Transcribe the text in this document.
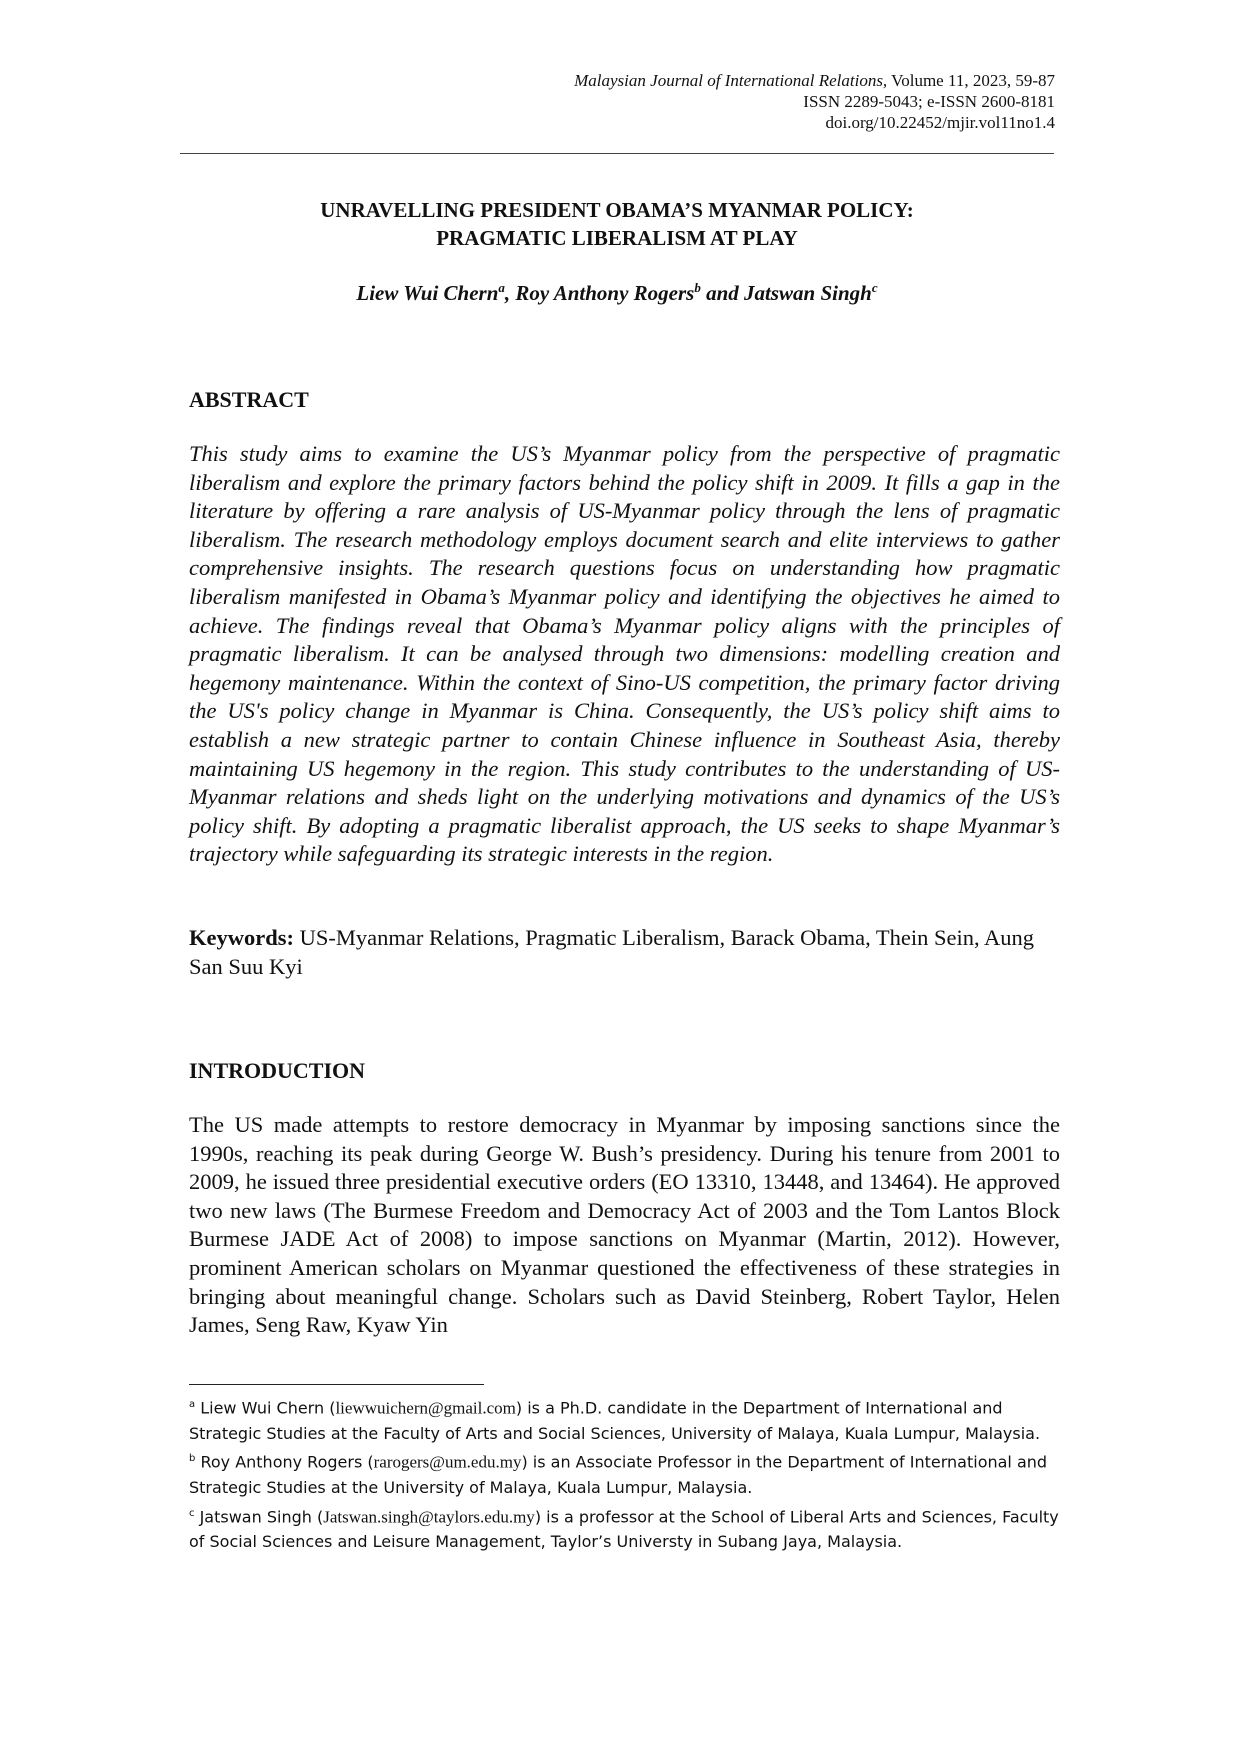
Malaysian Journal of International Relations, Volume 11, 2023, 59-87
ISSN 2289-5043; e-ISSN 2600-8181
doi.org/10.22452/mjir.vol11no1.4
UNRAVELLING PRESIDENT OBAMA’S MYANMAR POLICY:
PRAGMATIC LIBERALISM AT PLAY
Liew Wui Chern$^a$, Roy Anthony Rogers$^b$ and Jatswan Singh$^c$
ABSTRACT

This study aims to examine the US’s Myanmar policy from the perspective of pragmatic liberalism and explore the primary factors behind the policy shift in 2009. It fills a gap in the literature by offering a rare analysis of US-Myanmar policy through the lens of pragmatic liberalism. The research methodology employs document search and elite interviews to gather comprehensive insights. The research questions focus on understanding how pragmatic liberalism manifested in Obama’s Myanmar policy and identifying the objectives he aimed to achieve. The findings reveal that Obama’s Myanmar policy aligns with the principles of pragmatic liberalism. It can be analysed through two dimensions: modelling creation and hegemony maintenance. Within the context of Sino-US competition, the primary factor driving the US's policy change in Myanmar is China. Consequently, the US’s policy shift aims to establish a new strategic partner to contain Chinese influence in Southeast Asia, thereby maintaining US hegemony in the region. This study contributes to the understanding of US-Myanmar relations and sheds light on the underlying motivations and dynamics of the US’s policy shift. By adopting a pragmatic liberalist approach, the US seeks to shape Myanmar’s trajectory while safeguarding its strategic interests in the region.

Keywords: US-Myanmar Relations, Pragmatic Liberalism, Barack Obama, Thein Sein, Aung San Suu Kyi

INTRODUCTION

The US made attempts to restore democracy in Myanmar by imposing sanctions since the 1990s, reaching its peak during George W. Bush’s presidency. During his tenure from 2001 to 2009, he issued three presidential executive orders (EO 13310, 13448, and 13464). He approved two new laws (The Burmese Freedom and Democracy Act of 2003 and the Tom Lantos Block Burmese JADE Act of 2008) to impose sanctions on Myanmar (Martin, 2012). However, prominent American scholars on Myanmar questioned the effectiveness of these strategies in bringing about meaningful change. Scholars such as David Steinberg, Robert Taylor, Helen James, Seng Raw, Kyaw Yin

$^a$ Liew Wui Chern (liewwuichern@gmail.com) is a Ph.D. candidate in the Department of International and Strategic Studies at the Faculty of Arts and Social Sciences, University of Malaya, Kuala Lumpur, Malaysia.

$^b$ Roy Anthony Rogers (rarogers@um.edu.my) is an Associate Professor in the Department of International and Strategic Studies at the University of Malaya, Kuala Lumpur, Malaysia.

$^c$ Jatswan Singh (Jatswan.singh@taylors.edu.my) is a professor at the School of Liberal Arts and Sciences, Faculty of Social Sciences and Leisure Management, Taylor’s Universty in Subang Jaya, Malaysia.
